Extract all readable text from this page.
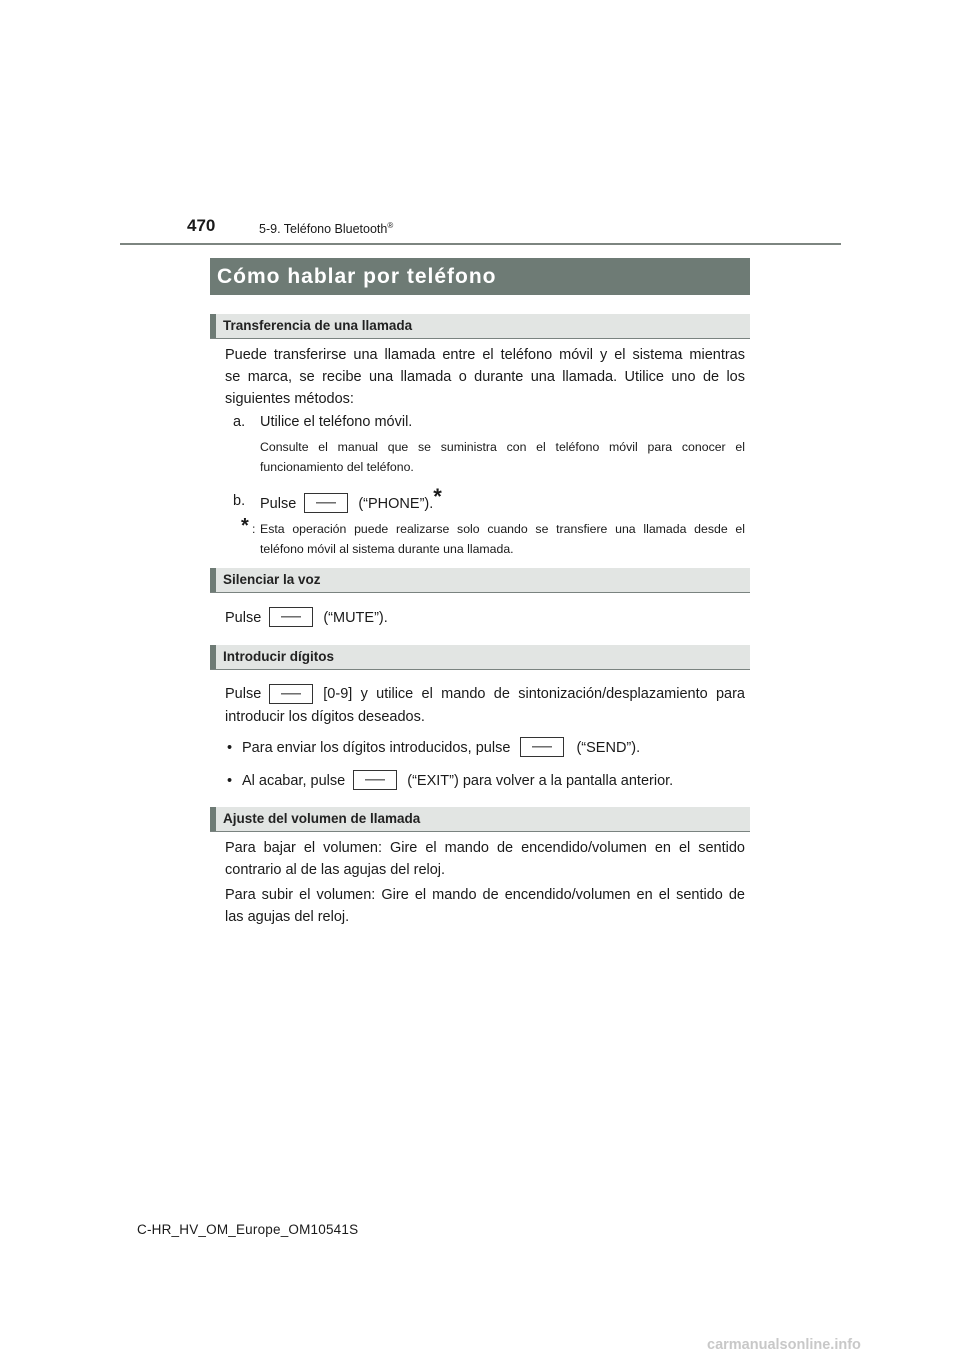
470	5-9. Teléfono Bluetooth®
Cómo hablar por teléfono
Transferencia de una llamada
Puede transferirse una llamada entre el teléfono móvil y el sistema mientras
se marca, se recibe una llamada o durante una llamada. Utilice uno de los
siguientes métodos:
a. Utilice el teléfono móvil.
Consulte el manual que se suministra con el teléfono móvil para conocer el
funcionamiento del teléfono.
b. Pulse	(“PHONE”).*
* : Esta operación puede realizarse solo cuando se transfiere una llamada desde el
teléfono móvil al sistema durante una llamada.
Silenciar la voz
Pulse	(“MUTE”).
Introducir dígitos
Pulse	[0-9] y utilice el mando de sintonización/desplazamiento para
introducir los dígitos deseados.
• Para enviar los dígitos introducidos, pulse	(“SEND”).
• Al acabar, pulse	(“EXIT”) para volver a la pantalla anterior.
Ajuste del volumen de llamada
Para bajar el volumen: Gire el mando de encendido/volumen en el sentido
contrario al de las agujas del reloj.
Para subir el volumen: Gire el mando de encendido/volumen en el sentido de
las agujas del reloj.
C-HR_HV_OM_Europe_OM10541S
carmanualsonline.info
